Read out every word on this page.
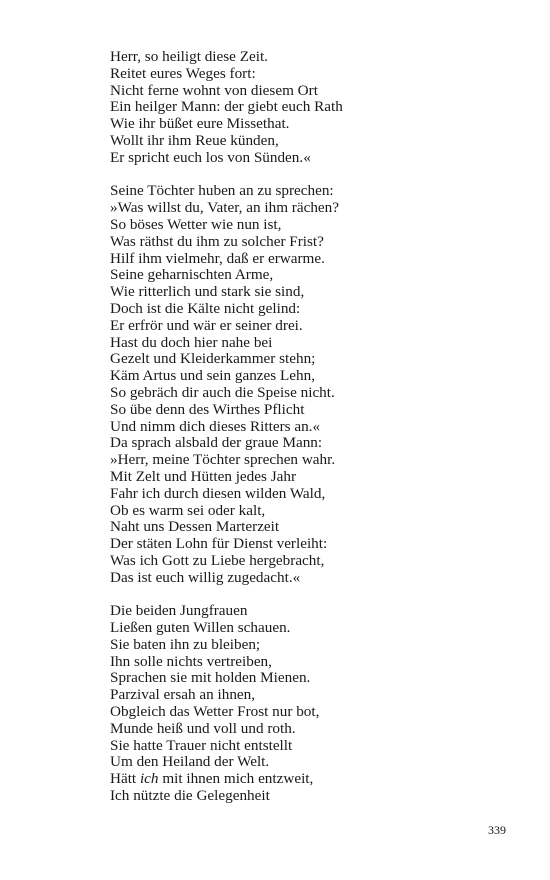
Herr, so heiligt diese Zeit.
Reitet eures Weges fort:
Nicht ferne wohnt von diesem Ort
Ein heilger Mann: der giebt euch Rath
Wie ihr büßet eure Missethat.
Wollt ihr ihm Reue künden,
Er spricht euch los von Sünden.«
Seine Töchter huben an zu sprechen:
»Was willst du, Vater, an ihm rächen?
So böses Wetter wie nun ist,
Was räthst du ihm zu solcher Frist?
Hilf ihm vielmehr, daß er erwarme.
Seine geharnischten Arme,
Wie ritterlich und stark sie sind,
Doch ist die Kälte nicht gelind:
Er erfrör und wär er seiner drei.
Hast du doch hier nahe bei
Gezelt und Kleiderkammer stehn;
Käm Artus und sein ganzes Lehn,
So gebräch dir auch die Speise nicht.
So übe denn des Wirthes Pflicht
Und nimm dich dieses Ritters an.«
Da sprach alsbald der graue Mann:
»Herr, meine Töchter sprechen wahr.
Mit Zelt und Hütten jedes Jahr
Fahr ich durch diesen wilden Wald,
Ob es warm sei oder kalt,
Naht uns Dessen Marterzeit
Der stäten Lohn für Dienst verleiht:
Was ich Gott zu Liebe hergebracht,
Das ist euch willig zugedacht.«
Die beiden Jungfrauen
Ließen guten Willen schauen.
Sie baten ihn zu bleiben;
Ihn solle nichts vertreiben,
Sprachen sie mit holden Mienen.
Parzival ersah an ihnen,
Obgleich das Wetter Frost nur bot,
Munde heiß und voll und roth.
Sie hatte Trauer nicht entstellt
Um den Heiland der Welt.
Hätt ich mit ihnen mich entzweit,
Ich nützte die Gelegenheit
339
